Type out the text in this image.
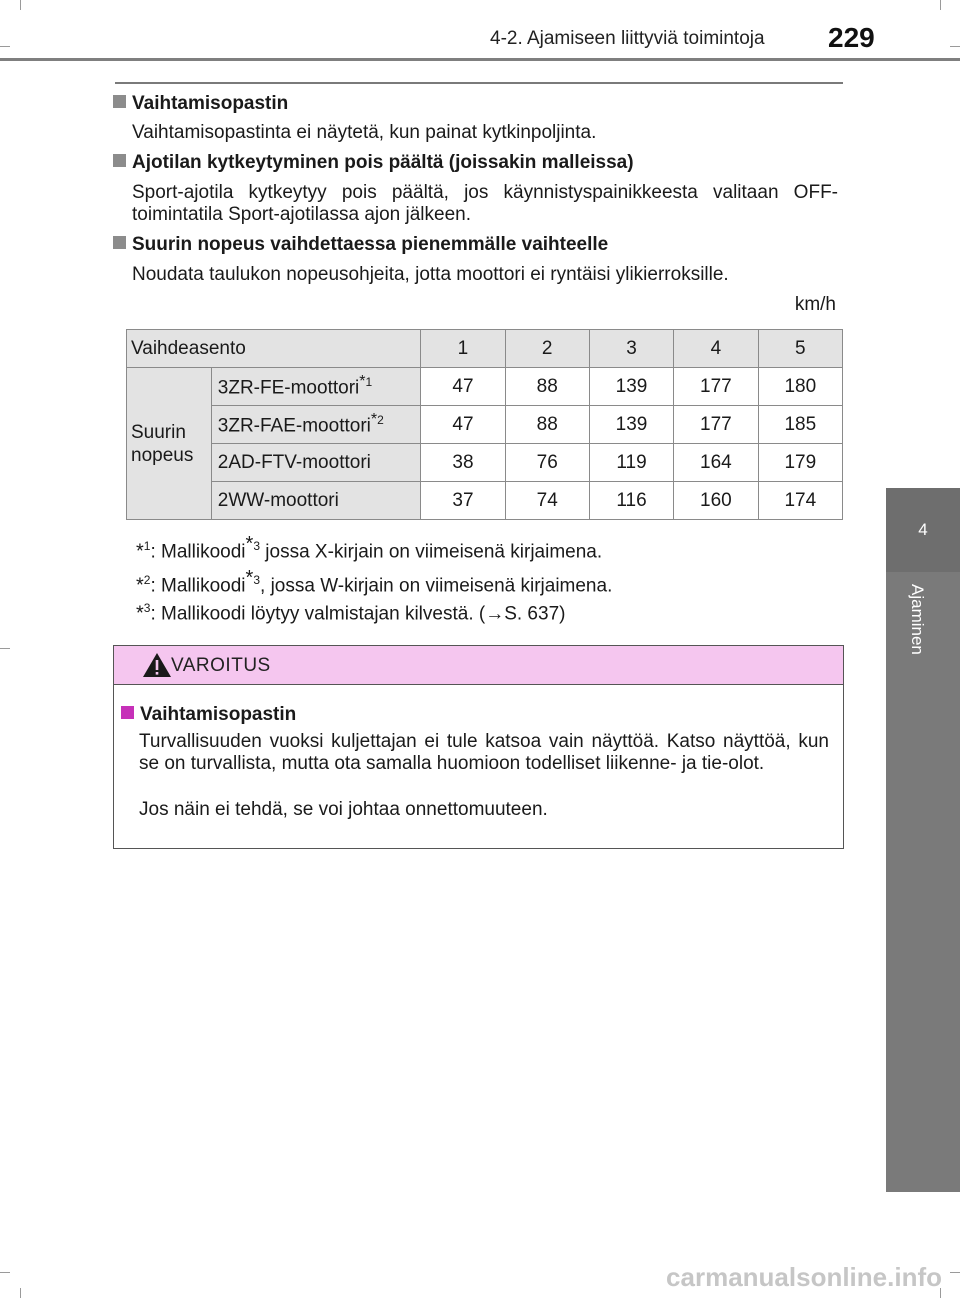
4-2. Ajamiseen liittyviä toimintoja 229
4
Ajaminen
Vaihtamisopastin
Vaihtamisopastinta ei näytetä, kun painat kytkinpoljinta.
Ajotilan kytkeytyminen pois päältä (joissakin malleissa)
Sport-ajotila kytkeytyy pois päältä, jos käynnistyspainikkeesta valitaan OFF-toimintatila Sport-ajotilassa ajon jälkeen.
Suurin nopeus vaihdettaessa pienemmälle vaihteelle
Noudata taulukon nopeusohjeita, jotta moottori ei ryntäisi ylikierroksille.
km/h
Vaihdeasento		1	2	3	4	5
Suurin nopeus	3ZR-FE-moottori$^{*1}$	47	88	139	177	180
	3ZR-FAE-moottori$^{*2}$	47	88	139	177	185
	2AD-FTV-moottori	38	76	119	164	179
	2WW-moottori	37	74	116	160	174
*$^1$: Mallikoodi$^{*3}$ jossa X-kirjain on viimeisenä kirjaimena.
*$^2$: Mallikoodi$^{*3}$, jossa W-kirjain on viimeisenä kirjaimena.
*$^3$: Mallikoodi löytyy valmistajan kilvestä. (→S. 637)
VAROITUS
Vaihtamisopastin
Turvallisuuden vuoksi kuljettajan ei tule katsoa vain näyttöä. Katso näyttöä, kun se on turvallista, mutta ota samalla huomioon todelliset liikenne- ja tie-olot.
Jos näin ei tehdä, se voi johtaa onnettomuuteen.
carmanualsonline.info
